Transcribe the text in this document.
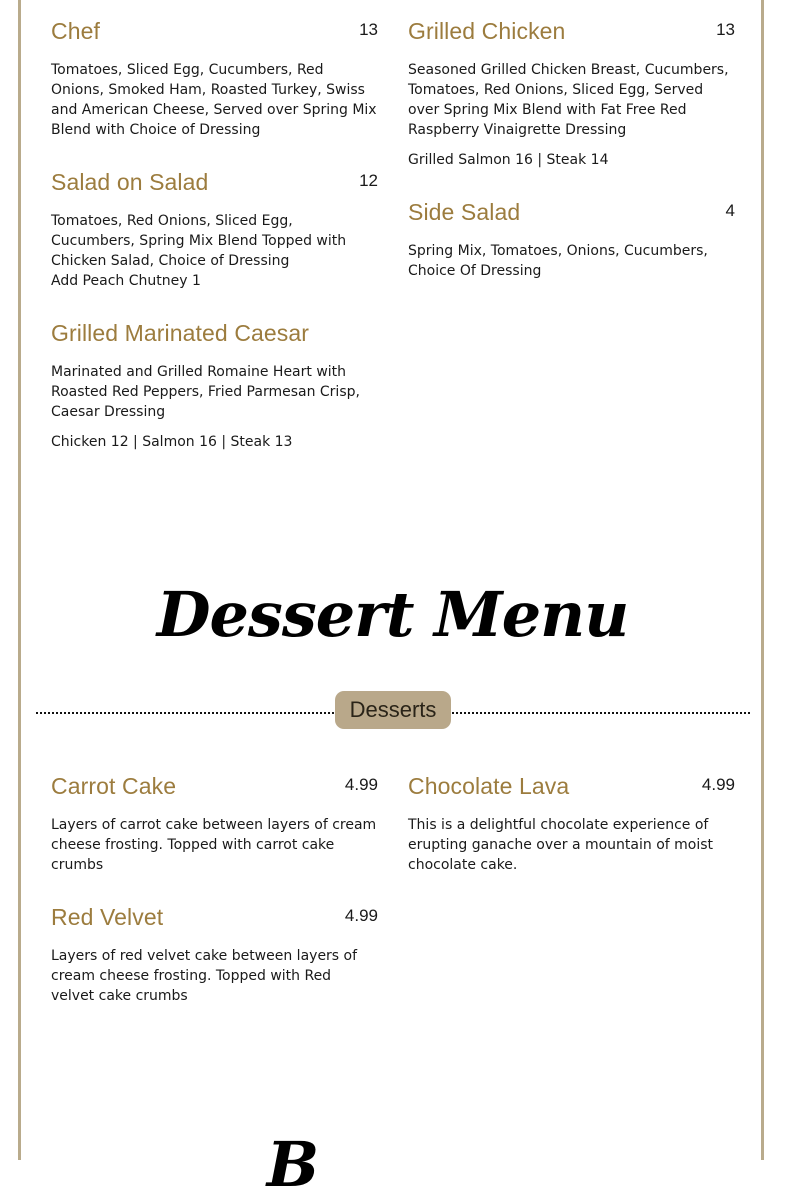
Chef	13
Tomatoes, Sliced Egg, Cucumbers, Red Onions, Smoked Ham, Roasted Turkey, Swiss and American Cheese, Served over Spring Mix Blend with Choice of Dressing
Grilled Chicken	13
Seasoned Grilled Chicken Breast, Cucumbers, Tomatoes, Red Onions, Sliced Egg, Served over Spring Mix Blend with Fat Free Red Raspberry Vinaigrette Dressing
Grilled Salmon 16 | Steak 14
Salad on Salad	12
Tomatoes, Red Onions, Sliced Egg, Cucumbers, Spring Mix Blend Topped with Chicken Salad, Choice of Dressing
Add Peach Chutney 1
Side Salad	4
Spring Mix, Tomatoes, Onions, Cucumbers, Choice Of Dressing
Grilled Marinated Caesar
Marinated and Grilled Romaine Heart with Roasted Red Peppers, Fried Parmesan Crisp, Caesar Dressing
Chicken 12 | Salmon 16 | Steak 13
Dessert Menu
Desserts
Carrot Cake	4.99
Layers of carrot cake between layers of cream cheese frosting. Topped with carrot cake crumbs
Chocolate Lava	4.99
This is a delightful chocolate experience of erupting ganache over a mountain of moist chocolate cake.
Red Velvet	4.99
Layers of red velvet cake between layers of cream cheese frosting. Topped with Red velvet cake crumbs
B
